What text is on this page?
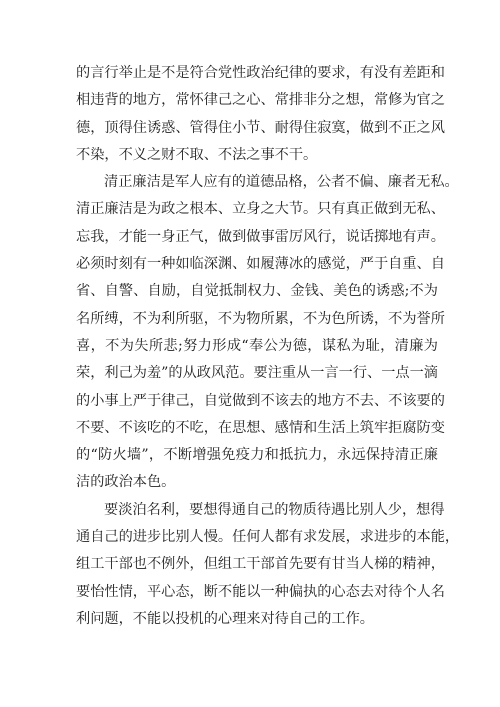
的言行举止是不是符合党性政治纪律的要求，有没有差距和
相违背的地方，常怀律己之心、常排非分之想，常修为官之
德，顶得住诱惑、管得住小节、耐得住寂寞，做到不正之风
不染，不义之财不取、不法之事不干。
清正廉洁是军人应有的道德品格，公者不偏、廉者无私。
清正廉洁是为政之根本、立身之大节。只有真正做到无私、
忘我，才能一身正气，做到做事雷厉风行，说话掷地有声。
必须时刻有一种如临深渊、如履薄冰的感觉，严于自重、自
省、自警、自励，自觉抵制权力、金钱、美色的诱惑;不为
名所缚，不为利所驱，不为物所累，不为色所诱，不为誉所
喜，不为失所悲;努力形成“奉公为德，谋私为耻，清廉为
荣，利己为羞”的从政风范。要注重从一言一行、一点一滴
的小事上严于律己，自觉做到不该去的地方不去、不该要的
不要、不该吃的不吃，在思想、感情和生活上筑牢拒腐防变
的“防火墙”，不断增强免疫力和抵抗力，永远保持清正廉
洁的政治本色。
要淡泊名利，要想得通自己的物质待遇比别人少，想得
通自己的进步比别人慢。任何人都有求发展，求进步的本能，
组工干部也不例外，但组工干部首先要有甘当人梯的精神，
要怡性情，平心态，断不能以一种偏执的心态去对待个人名
利问题，不能以投机的心理来对待自己的工作。
